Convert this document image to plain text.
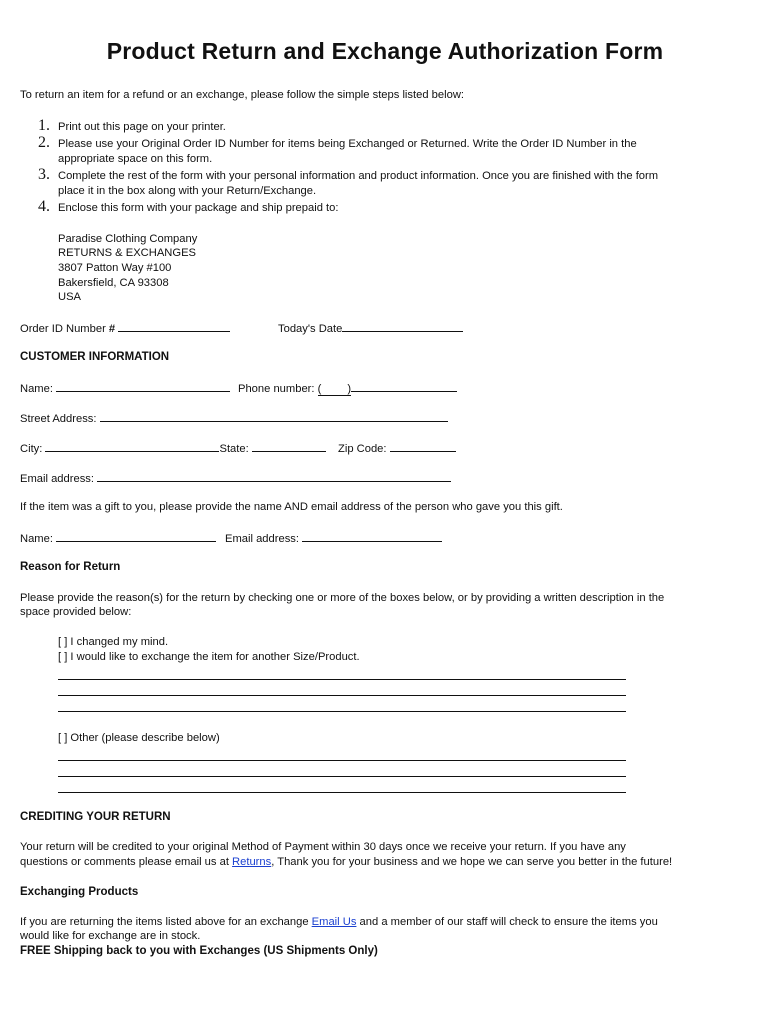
Product Return and Exchange Authorization Form
To return an item for a refund or an exchange, please follow the simple steps listed below:
1. Print out this page on your printer.
2. Please use your Original Order ID Number for items being Exchanged or Returned. Write the Order ID Number in the
appropriate space on this form.
3. Complete the rest of the form with your personal information and product information. Once you are finished with the form
place it in the box along with your Return/Exchange.
4. Enclose this form with your package and ship prepaid to:
Paradise Clothing Company
RETURNS & EXCHANGES
3807 Patton Way #100
Bakersfield, CA 93308
USA
Order ID Number #	Today's Date
CUSTOMER INFORMATION
Name:	Phone number: ( )
Street Address:
City:	State:	Zip Code:
Email address:
If the item was a gift to you, please provide the name AND email address of the person who gave you this gift.
Name:	Email address:
Reason for Return
Please provide the reason(s) for the return by checking one or more of the boxes below, or by providing a written description in the
space provided below:
[ ] I changed my mind.
[ ] I would like to exchange the item for another Size/Product.
[ ] Other (please describe below)
CREDITING YOUR RETURN
Your return will be credited to your original Method of Payment within 30 days once we receive your return. If you have any
questions or comments please email us at Returns, Thank you for your business and we hope we can serve you better in the future!
Exchanging Products
If you are returning the items listed above for an exchange Email Us and a member of our staff will check to ensure the items you
would like for exchange are in stock.
FREE Shipping back to you with Exchanges (US Shipments Only)
